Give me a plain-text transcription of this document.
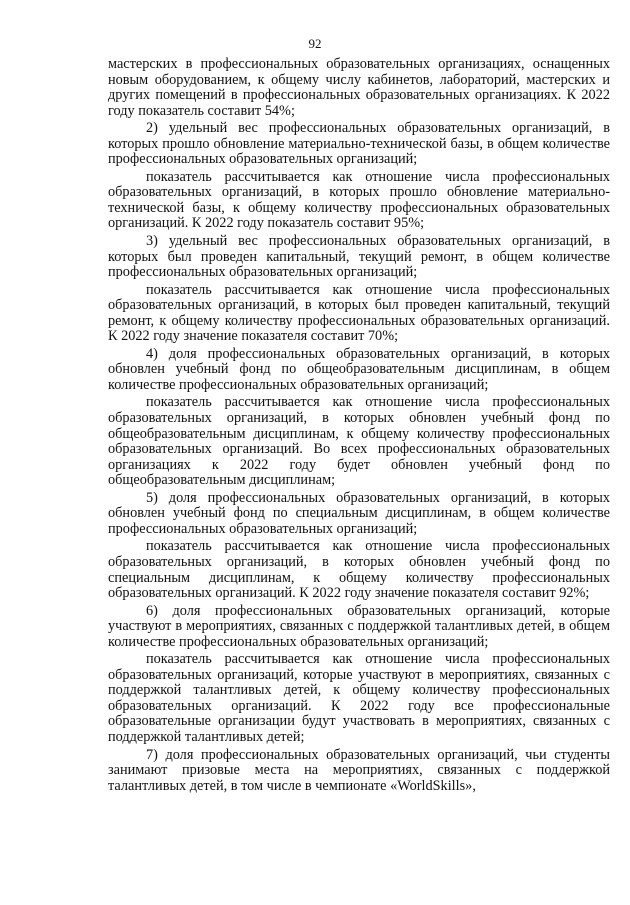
92

мастерских в профессиональных образовательных организациях, оснащенных новым оборудованием, к общему числу кабинетов, лабораторий, мастерских и других помещений в профессиональных образовательных организациях. К 2022 году показатель составит 54%;

2) удельный вес профессиональных образовательных организаций, в которых прошло обновление материально-технической базы, в общем количестве профессиональных образовательных организаций;

показатель рассчитывается как отношение числа профессиональных образовательных организаций, в которых прошло обновление материально-технической базы, к общему количеству профессиональных образовательных организаций. К 2022 году показатель составит 95%;

3) удельный вес профессиональных образовательных организаций, в которых был проведен капитальный, текущий ремонт, в общем количестве профессиональных образовательных организаций;

показатель рассчитывается как отношение числа профессиональных образовательных организаций, в которых был проведен капитальный, текущий ремонт, к общему количеству профессиональных образовательных организаций. К 2022 году значение показателя составит 70%;

4) доля профессиональных образовательных организаций, в которых обновлен учебный фонд по общеобразовательным дисциплинам, в общем количестве профессиональных образовательных организаций;

показатель рассчитывается как отношение числа профессиональных образовательных организаций, в которых обновлен учебный фонд по общеобразовательным дисциплинам, к общему количеству профессиональных образовательных организаций. Во всех профессиональных образовательных организациях к 2022 году будет обновлен учебный фонд по общеобразовательным дисциплинам;

5) доля профессиональных образовательных организаций, в которых обновлен учебный фонд по специальным дисциплинам, в общем количестве профессиональных образовательных организаций;

показатель рассчитывается как отношение числа профессиональных образовательных организаций, в которых обновлен учебный фонд по специальным дисциплинам, к общему количеству профессиональных образовательных организаций. К 2022 году значение показателя составит 92%;

6) доля профессиональных образовательных организаций, которые участвуют в мероприятиях, связанных с поддержкой талантливых детей, в общем количестве профессиональных образовательных организаций;

показатель рассчитывается как отношение числа профессиональных образовательных организаций, которые участвуют в мероприятиях, связанных с поддержкой талантливых детей, к общему количеству профессиональных образовательных организаций. К 2022 году все профессиональные образовательные организации будут участвовать в мероприятиях, связанных с поддержкой талантливых детей;

7) доля профессиональных образовательных организаций, чьи студенты занимают призовые места на мероприятиях, связанных с поддержкой талантливых детей, в том числе в чемпионате «WorldSkills»,
